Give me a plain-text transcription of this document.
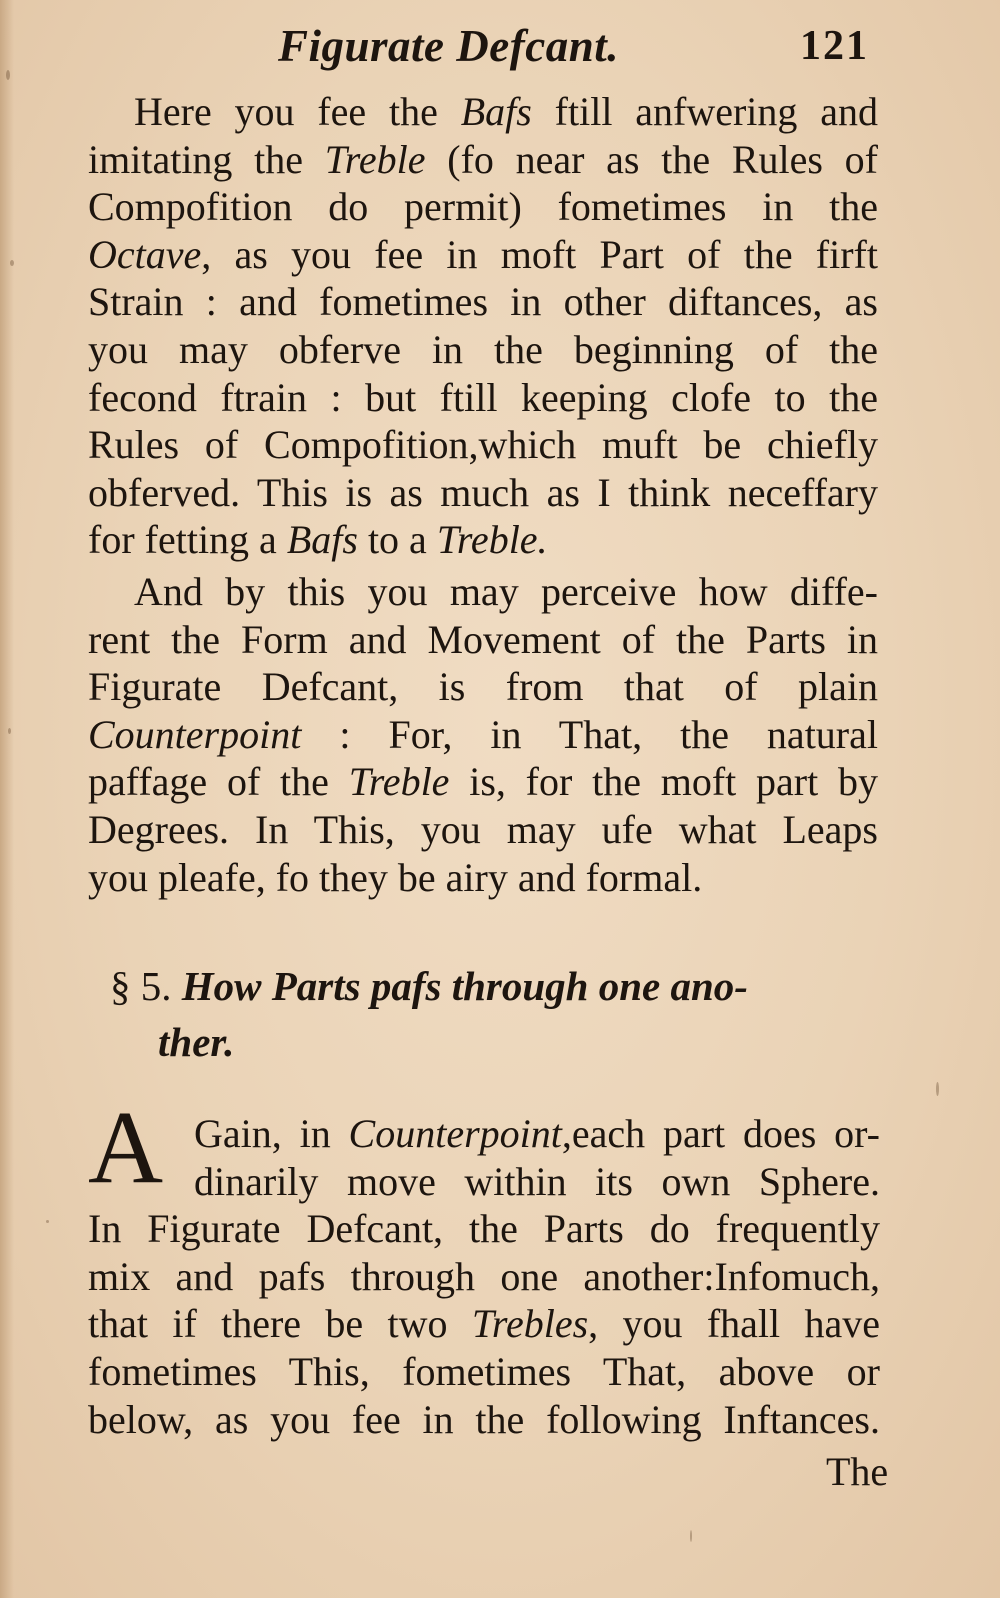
Figurate Defcant.	121
Here you fee the Bafs ftill anfwering and
imitating the Treble (fo near as the Rules of
Compofition do permit) fometimes in the
Octave, as you fee in moft Part of the firft
Strain : and fometimes in other diftances, as
you may obferve in the beginning of the
fecond ftrain : but ftill keeping clofe to the
Rules of Compofition,which muft be chiefly
obferved. This is as much as I think neceffary
for fetting a Bafs to a Treble.
And by this you may perceive how diffe-
rent the Form and Movement of the Parts in
Figurate Defcant, is from that of plain
Counterpoint : For, in That, the natural
paffage of the Treble is, for the moft part by
Degrees. In This, you may ufe what Leaps
you pleafe, fo they be airy and formal.
§ 5. How Parts pafs through one ano-
ther.
A Gain, in Counterpoint,each part does or-
dinarily move within its own Sphere.
In Figurate Defcant, the Parts do frequently
mix and pafs through one another:Infomuch,
that if there be two Trebles, you fhall have
fometimes This, fometimes That, above or
below, as you fee in the following Inftances.
The
